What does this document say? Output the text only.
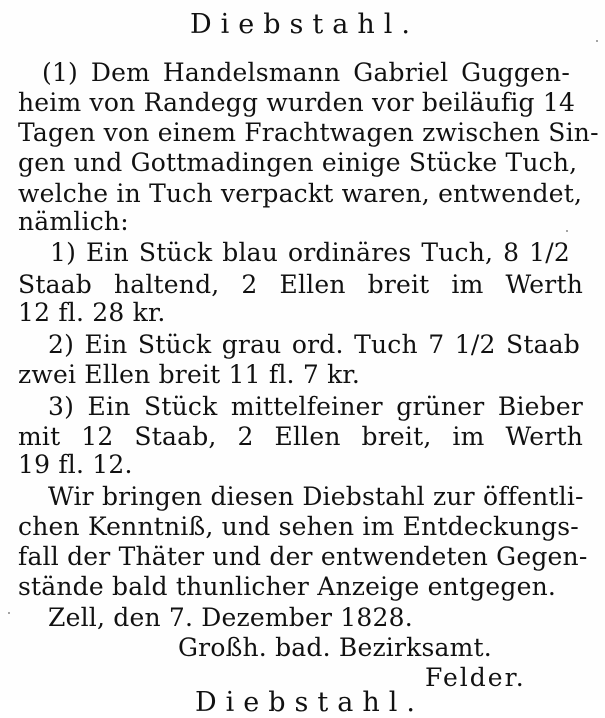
Diebstahl.
(1) Dem Handelsmann Gabriel Guggen-
heim von Randegg wurden vor beiläufig 14
Tagen von einem Frachtwagen zwischen Sin-
gen und Gottmadingen einige Stücke Tuch,
welche in Tuch verpackt waren, entwendet,
nämlich:
1) Ein Stück blau ordinäres Tuch, 8 1/2
Staab haltend, 2 Ellen breit im Werth
12 fl. 28 kr.
2) Ein Stück grau ord. Tuch 7 1/2 Staab
zwei Ellen breit 11 fl. 7 kr.
3) Ein Stück mittelfeiner grüner Bieber
mit 12 Staab, 2 Ellen breit, im Werth
19 fl. 12.
Wir bringen diesen Diebstahl zur öffentli-
chen Kenntniß, und sehen im Entdeckungs-
fall der Thäter und der entwendeten Gegen-
stände bald thunlicher Anzeige entgegen.
Zell, den 7. Dezember 1828.
Großh. bad. Bezirksamt.
Felder.
Diebstahl.
